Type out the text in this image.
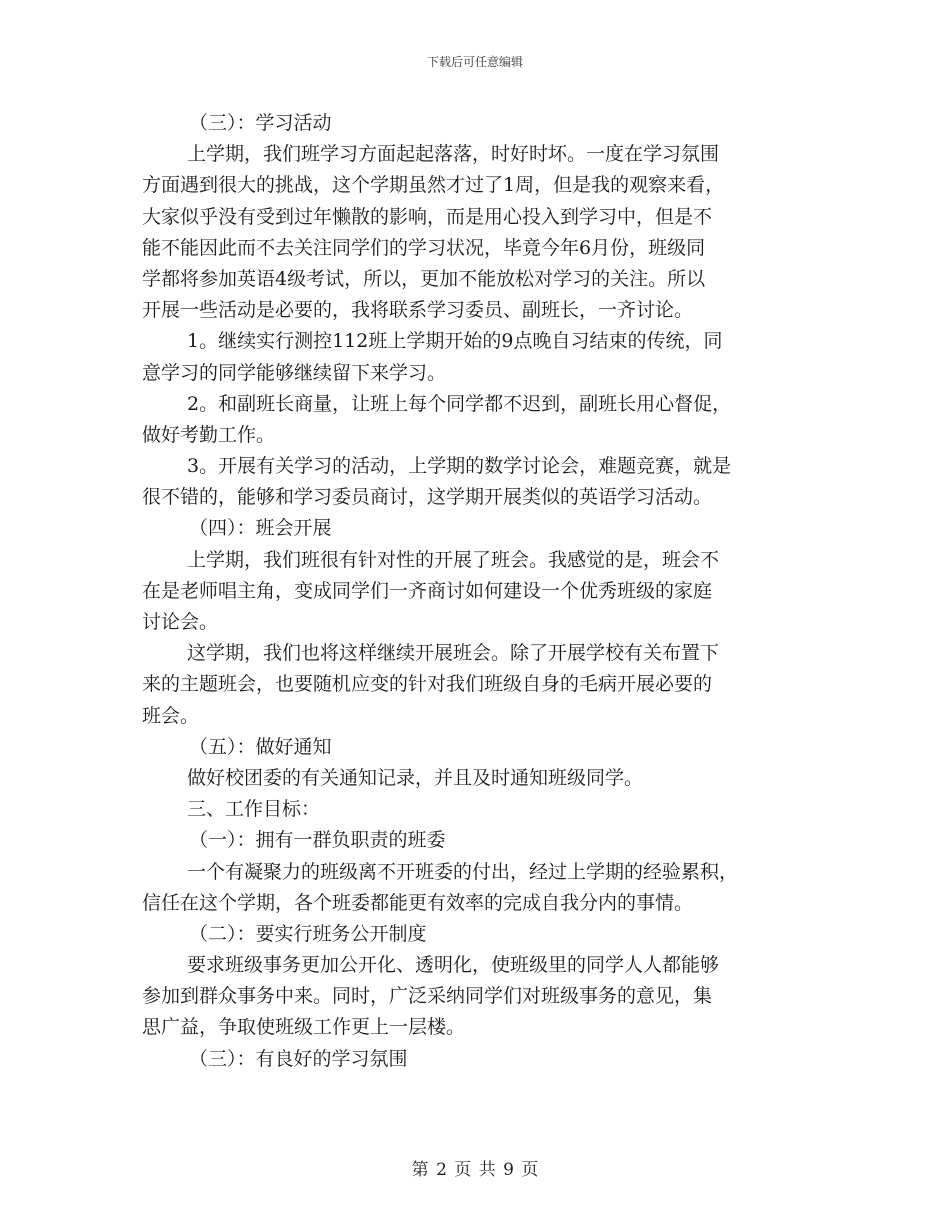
下载后可任意编辑
（三）：学习活动
上学期，我们班学习方面起起落落，时好时坏。一度在学习氛围
方面遇到很大的挑战，这个学期虽然才过了1周，但是我的观察来看，
大家似乎没有受到过年懒散的影响，而是用心投入到学习中，但是不
能不能因此而不去关注同学们的学习状况，毕竟今年6月份，班级同
学都将参加英语4级考试，所以，更加不能放松对学习的关注。所以
开展一些活动是必要的，我将联系学习委员、副班长，一齐讨论。
1。继续实行测控112班上学期开始的9点晚自习结束的传统，同
意学习的同学能够继续留下来学习。
2。和副班长商量，让班上每个同学都不迟到，副班长用心督促，
做好考勤工作。
3。开展有关学习的活动，上学期的数学讨论会，难题竞赛，就是
很不错的，能够和学习委员商讨，这学期开展类似的英语学习活动。
（四）：班会开展
上学期，我们班很有针对性的开展了班会。我感觉的是，班会不
在是老师唱主角，变成同学们一齐商讨如何建设一个优秀班级的家庭
讨论会。
这学期，我们也将这样继续开展班会。除了开展学校有关布置下
来的主题班会，也要随机应变的针对我们班级自身的毛病开展必要的
班会。
（五）：做好通知
做好校团委的有关通知记录，并且及时通知班级同学。
三、工作目标：
（一）：拥有一群负职责的班委
一个有凝聚力的班级离不开班委的付出，经过上学期的经验累积，
信任在这个学期，各个班委都能更有效率的完成自我分内的事情。
（二）：要实行班务公开制度
要求班级事务更加公开化、透明化，使班级里的同学人人都能够
参加到群众事务中来。同时，广泛采纳同学们对班级事务的意见，集
思广益，争取使班级工作更上一层楼。
（三）：有良好的学习氛围
第 2 页 共 9 页
